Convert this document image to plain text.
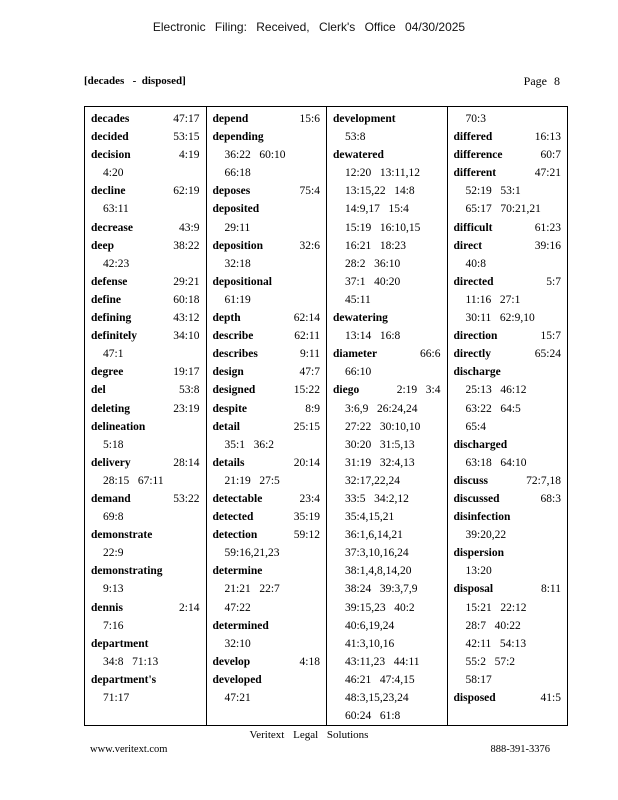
Electronic Filing: Received, Clerk's Office 04/30/2025
[decades   -  disposed]	Page 8
decades	47:17
decided	53:15
decision	4:19
4:20
decline	62:19
63:11
decrease	43:9
deep	38:22
42:23
defense	29:21
define	60:18
defining	43:12
definitely	34:10
47:1
degree	19:17
del	53:8
deleting	23:19
delineation
5:18
delivery	28:14
28:15   67:11
demand	53:22
69:8
demonstrate
22:9
demonstrating
9:13
dennis	2:14
7:16
department
34:8   71:13
department's
71:17
depend	15:6
depending
36:22   60:10
66:18
deposes	75:4
deposited
29:11
deposition	32:6
32:18
depositional
61:19
depth	62:14
describe	62:11
describes	9:11
design	47:7
designed	15:22
despite	8:9
detail	25:15
35:1   36:2
details	20:14
21:19   27:5
detectable	23:4
detected	35:19
detection	59:12
59:16,21,23
determine
21:21   22:7
47:22
determined
32:10
develop	4:18
developed
47:21
development
53:8
dewatered
12:20   13:11,12
13:15,22   14:8
14:9,17   15:4
15:19   16:10,15
16:21   18:23
28:2   36:10
37:1   40:20
45:11
dewatering
13:14   16:8
diameter	66:6
66:10
diego	2:19   3:4
3:6,9   26:24,24
27:22   30:10,10
30:20   31:5,13
31:19   32:4,13
32:17,22,24
33:5   34:2,12
35:4,15,21
36:1,6,14,21
37:3,10,16,24
38:1,4,8,14,20
38:24   39:3,7,9
39:15,23   40:2
40:6,19,24
41:3,10,16
43:11,23   44:11
46:21   47:4,15
48:3,15,23,24
60:24   61:8
70:3
differed	16:13
difference	60:7
different	47:21
52:19   53:1
65:17   70:21,21
difficult	61:23
direct	39:16
40:8
directed	5:7
11:16   27:1
30:11   62:9,10
direction	15:7
directly	65:24
discharge
25:13   46:12
63:22   64:5
65:4
discharged
63:18   64:10
discuss	72:7,18
discussed	68:3
disinfection
39:20,22
dispersion
13:20
disposal	8:11
15:21   22:12
28:7   40:22
42:11   54:13
55:2   57:2
58:17
disposed	41:5
Veritext Legal Solutions
www.veritext.com	888-391-3376
